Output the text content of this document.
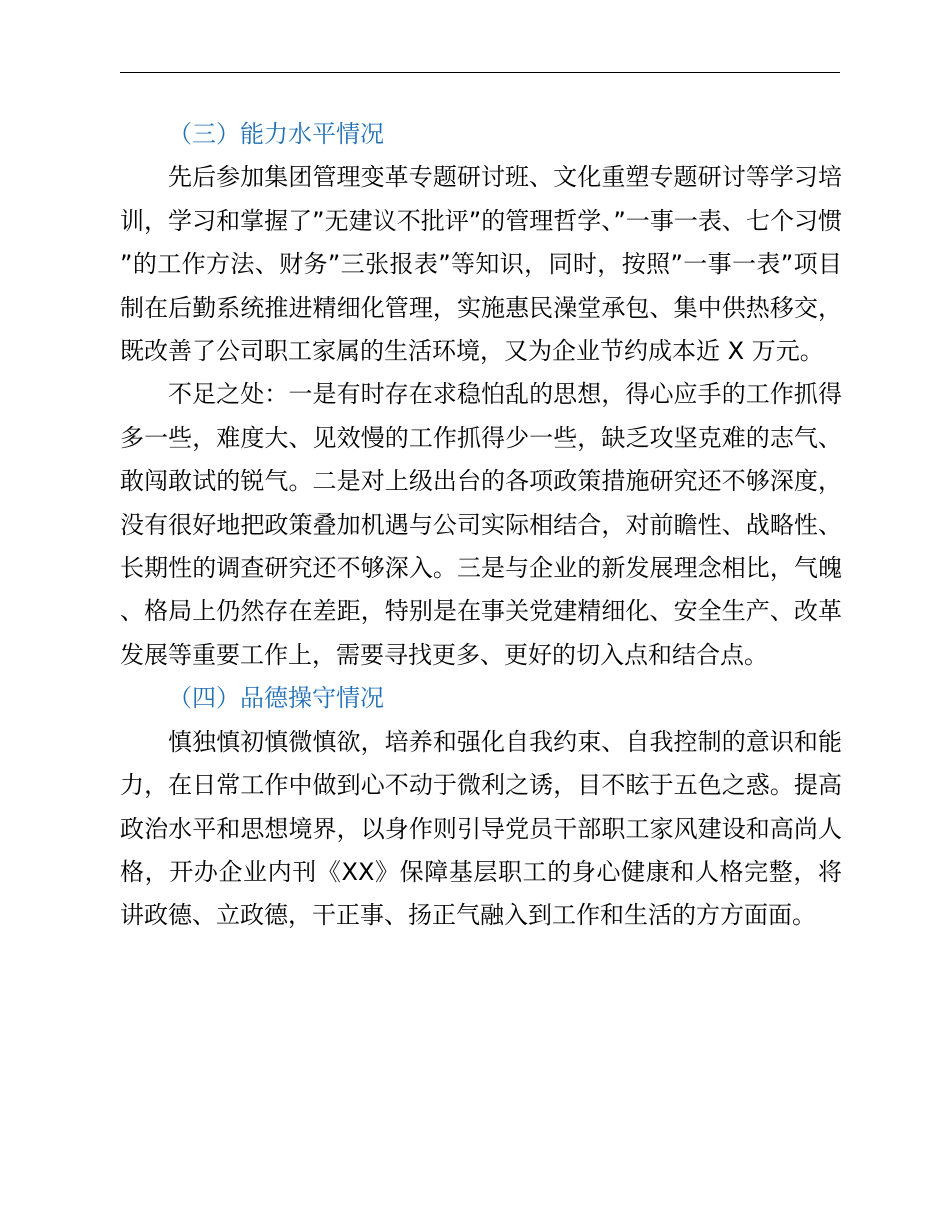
（三）能力水平情况

先后参加集团管理变革专题研讨班、文化重塑专题研讨等学习培训，学习和掌握了”无建议不批评”的管理哲学、”一事一表、七个习惯”的工作方法、财务”三张报表”等知识，同时，按照”一事一表”项目制在后勤系统推进精细化管理，实施惠民澡堂承包、集中供热移交，既改善了公司职工家属的生活环境，又为企业节约成本近 X 万元。

不足之处：一是有时存在求稳怕乱的思想，得心应手的工作抓得多一些，难度大、见效慢的工作抓得少一些，缺乏攻坚克难的志气、敢闯敢试的锐气。二是对上级出台的各项政策措施研究还不够深度，没有很好地把政策叠加机遇与公司实际相结合，对前瞻性、战略性、长期性的调查研究还不够深入。三是与企业的新发展理念相比，气魄、格局上仍然存在差距，特别是在事关党建精细化、安全生产、改革发展等重要工作上，需要寻找更多、更好的切入点和结合点。

（四）品德操守情况

慎独慎初慎微慎欲，培养和强化自我约束、自我控制的意识和能力，在日常工作中做到心不动于微利之诱，目不眩于五色之惑。提高政治水平和思想境界，以身作则引导党员干部职工家风建设和高尚人格，开办企业内刊《XX》保障基层职工的身心健康和人格完整，将讲政德、立政德，干正事、扬正气融入到工作和生活的方方面面。
